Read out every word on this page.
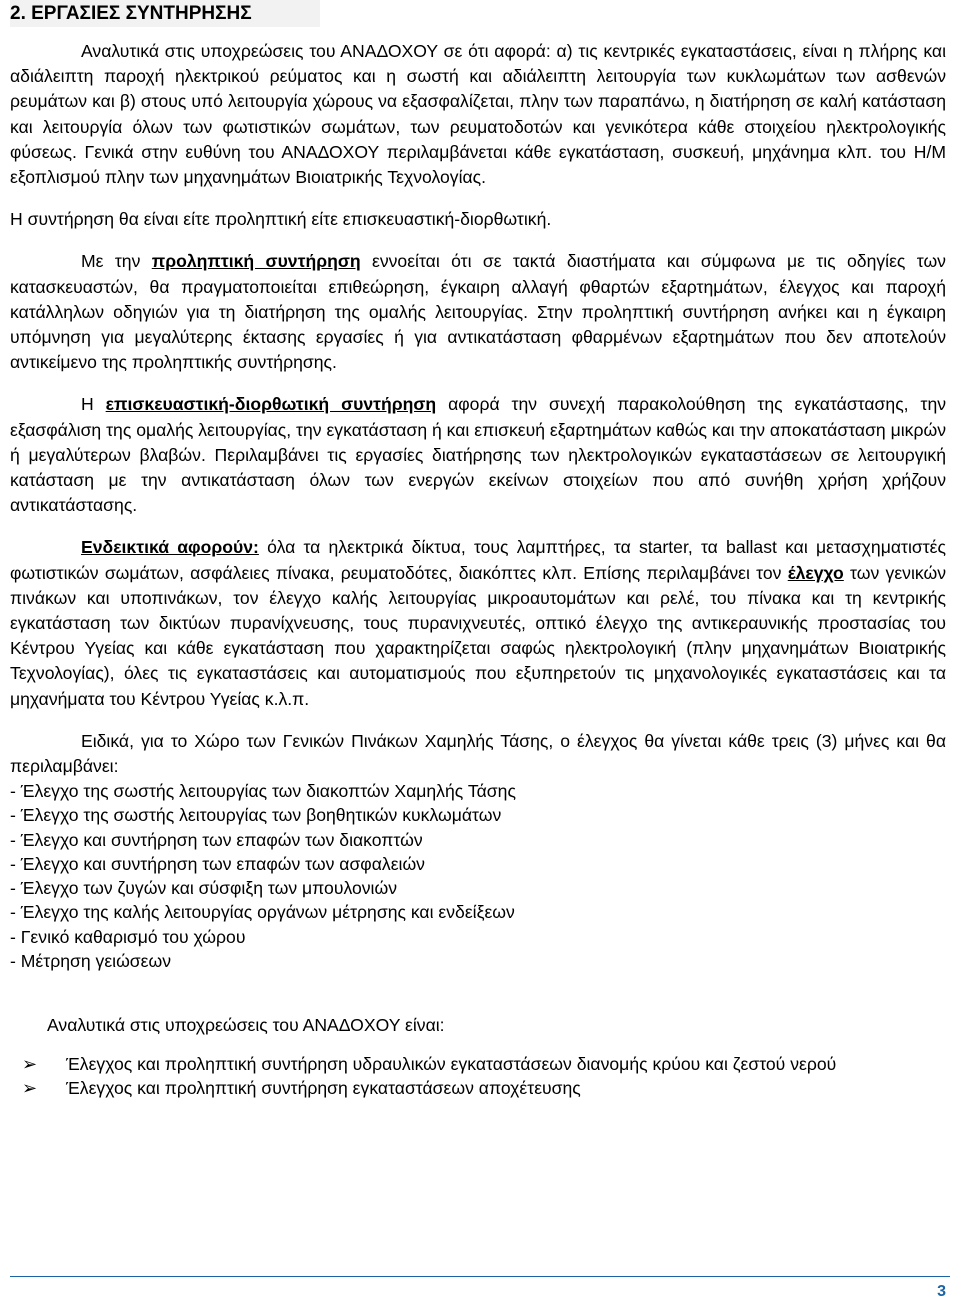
2. ΕΡΓΑΣΙΕΣ ΣΥΝΤΗΡΗΣΗΣ

Αναλυτικά στις υποχρεώσεις του ΑΝΑΔΟΧΟΥ σε ότι αφορά: α) τις κεντρικές εγκαταστάσεις, είναι η πλήρης και αδιάλειπτη παροχή ηλεκτρικού ρεύματος και η σωστή και αδιάλειπτη λειτουργία των κυκλωμάτων των ασθενών ρευμάτων και β) στους υπό λειτουργία χώρους να εξασφαλίζεται, πλην των παραπάνω, η διατήρηση σε καλή κατάσταση και λειτουργία όλων των φωτιστικών σωμάτων, των ρευματοδοτών και γενικότερα κάθε στοιχείου ηλεκτρολογικής φύσεως. Γενικά στην ευθύνη του ΑΝΑΔΟΧΟΥ περιλαμβάνεται κάθε εγκατάσταση, συσκευή, μηχάνημα κλπ. του Η/Μ εξοπλισμού πλην των μηχανημάτων Βιοιατρικής Τεχνολογίας.

Η συντήρηση θα είναι είτε προληπτική είτε επισκευαστική-διορθωτική.

Με την προληπτική συντήρηση εννοείται ότι σε τακτά διαστήματα και σύμφωνα με τις οδηγίες των κατασκευαστών, θα πραγματοποιείται επιθεώρηση, έγκαιρη αλλαγή φθαρτών εξαρτημάτων, έλεγχος και παροχή κατάλληλων οδηγιών για τη διατήρηση της ομαλής λειτουργίας. Στην προληπτική συντήρηση ανήκει και η έγκαιρη υπόμνηση για μεγαλύτερης έκτασης εργασίες ή για αντικατάσταση φθαρμένων εξαρτημάτων που δεν αποτελούν αντικείμενο της προληπτικής συντήρησης.

Η επισκευαστική-διορθωτική συντήρηση αφορά την συνεχή παρακολούθηση της εγκατάστασης, την εξασφάλιση της ομαλής λειτουργίας, την εγκατάσταση ή και επισκευή εξαρτημάτων καθώς και την αποκατάσταση μικρών ή μεγαλύτερων βλαβών. Περιλαμβάνει τις εργασίες διατήρησης των ηλεκτρολογικών εγκαταστάσεων σε λειτουργική κατάσταση με την αντικατάσταση όλων των ενεργών εκείνων στοιχείων που από συνήθη χρήση χρήζουν αντικατάστασης.

Ενδεικτικά αφορούν: όλα τα ηλεκτρικά δίκτυα, τους λαμπτήρες, τα starter, τα ballast και μετασχηματιστές φωτιστικών σωμάτων, ασφάλειες πίνακα, ρευματοδότες, διακόπτες κλπ. Επίσης περιλαμβάνει τον έλεγχο των γενικών πινάκων και υποπινάκων, τον έλεγχο καλής λειτουργίας μικροαυτομάτων και ρελέ, του πίνακα και τη κεντρικής εγκατάσταση των δικτύων πυρανίχνευσης, τους πυρανιχνευτές, οπτικό έλεγχο της αντικεραυνικής προστασίας του Κέντρου Υγείας και κάθε εγκατάσταση που χαρακτηρίζεται σαφώς ηλεκτρολογική (πλην μηχανημάτων Βιοιατρικής Τεχνολογίας), όλες τις εγκαταστάσεις και αυτοματισμούς που εξυπηρετούν τις μηχανολογικές εγκαταστάσεις και τα μηχανήματα του Κέντρου Υγείας κ.λ.π.

Ειδικά, για το Χώρο των Γενικών Πινάκων Χαμηλής Τάσης, ο έλεγχος θα γίνεται κάθε τρεις (3) μήνες και θα περιλαμβάνει:

- Έλεγχο της σωστής λειτουργίας των διακοπτών Χαμηλής Τάσης

- Έλεγχο της σωστής λειτουργίας των βοηθητικών κυκλωμάτων

- Έλεγχο και συντήρηση των επαφών των διακοπτών

- Έλεγχο και συντήρηση των επαφών των ασφαλειών

- Έλεγχο των ζυγών και σύσφιξη των μπουλονιών

- Έλεγχο της καλής λειτουργίας οργάνων μέτρησης και ενδείξεων

- Γενικό καθαρισμό του χώρου

- Μέτρηση γειώσεων

Αναλυτικά στις υποχρεώσεις του ΑΝΑΔΟΧΟΥ είναι:

➢ Έλεγχος και προληπτική συντήρηση υδραυλικών εγκαταστάσεων διανομής κρύου και ζεστού νερού

➢ Έλεγχος και προληπτική συντήρηση εγκαταστάσεων αποχέτευσης

3
